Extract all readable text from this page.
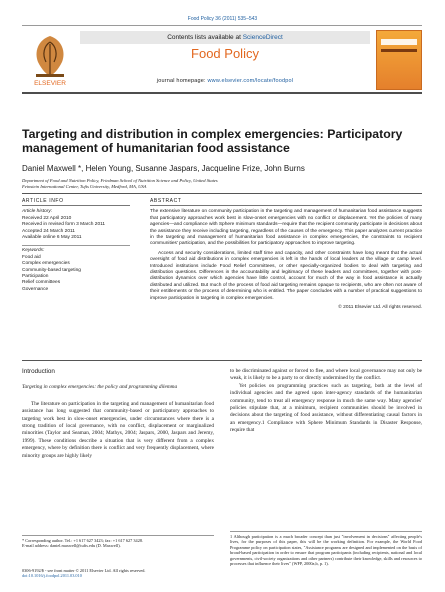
Food Policy 36 (2011) 535–543
ELSEVIER
Contents lists available at ScienceDirect
Food Policy
journal homepage: www.elsevier.com/locate/foodpol
Targeting and distribution in complex emergencies: Participatory management of humanitarian food assistance
Daniel Maxwell *, Helen Young, Susanne Jaspars, Jacqueline Frize, John Burns
Department of Food and Nutrition Policy, Friedman School of Nutrition Science and Policy, United States
Feinstein International Center, Tufts University, Medford, MA, USA
ARTICLE INFO
Article history:
Received 22 April 2010
Received in revised form 3 March 2011
Accepted 24 March 2011
Available online 6 May 2011
Keywords:
Food aid
Complex emergencies
Community-based targeting
Participation
Relief committees
Governance
ABSTRACT

The extensive literature on community participation in the targeting and management of humanitarian food assistance suggests that participatory approaches work best in slow-onset emergencies with no conflict or displacement. Yet the policies of many agencies—and compliance with Sphere minimum standards—require that the recipient community participate in decisions about the assistance they receive including targeting, regardless of the causes of the emergency. This paper analyzes current practice in the targeting and management of humanitarian food assistance in complex emergencies, the constraints to recipient communities' participation, and the possibilities for participatory approaches to improve targeting.

Access and security considerations, limited staff time and capacity, and other constraints have long meant that the actual oversight of food aid distributions in complex emergencies is left in the hands of local leaders at the village or camp level. Introduced institutions include Food Relief Committees, or other specially-organized bodies to deal with targeting and distribution questions. Differences in the accountability and legitimacy of these leaders and committees, together with post-distribution dynamics over which agencies have little control, account for much of the way in food assistance is actually distributed and utilized. But much of the process of food aid targeting remains opaque to recipients, who are often not aware of their entitlements or the process of determining who is entitled. The paper concludes with a number of practical suggestions to improve participation in targeting in complex emergencies.

© 2011 Elsevier Ltd. All rights reserved.
Introduction
Targeting in complex emergencies: the policy and programming dilemma

The literature on participation in the targeting and management of humanitarian food assistance has long suggested that community-based or participatory approaches to targeting work best in slow-onset emergencies, under circumstances where there is a strong tradition of local governance, with no conflict, displacement or marginalized minorities (Taylor and Seaman, 2004; Mathys, 2004; Jaspars, 2000, Jaspars and Jeremy, 1999). These conditions describe a situation that is very different from a complex emergency, where by definition there is conflict and very frequently displacement, where minority groups are highly likely

* Corresponding author. Tel.: +1 617 627 3423; fax: +1 617 627 3428.
E-mail address: daniel.maxwell@tufts.edu (D. Maxwell).

to be discriminated against or forced to flee, and where local governance may not only be weak, it is likely to be a party to or directly undermined by the conflict.

Yet policies on programming practices such as targeting, both at the level of individual agencies and the agreed upon inter-agency standards of the humanitarian community, tend to treat all emergency response in much the same way. Many agencies' policies stipulate that, at a minimum, recipient communities should be involved in decisions about the targeting of food assistance, without differentiating causal factors in an emergency.1 Compliance with Sphere Minimum Standards in Disaster Response, require that

1 Although participation is a much broader concept than just "involvement in decisions" affecting people's lives, for the purposes of this paper, this will be the working definition. For example, the World Food Programme policy on participation states, "Assistance programs are designed and implemented on the basis of broad-based participation in order to ensure that program participants (including recipients, national and local governments, civil-society organizations and other partners) contribute their knowledge, skills and resources to processes that influence their lives" (WFP, 2000a,b, p. 1).
0306-9192/$ - see front matter © 2011 Elsevier Ltd. All rights reserved.
doi:10.1016/j.foodpol.2011.03.010
